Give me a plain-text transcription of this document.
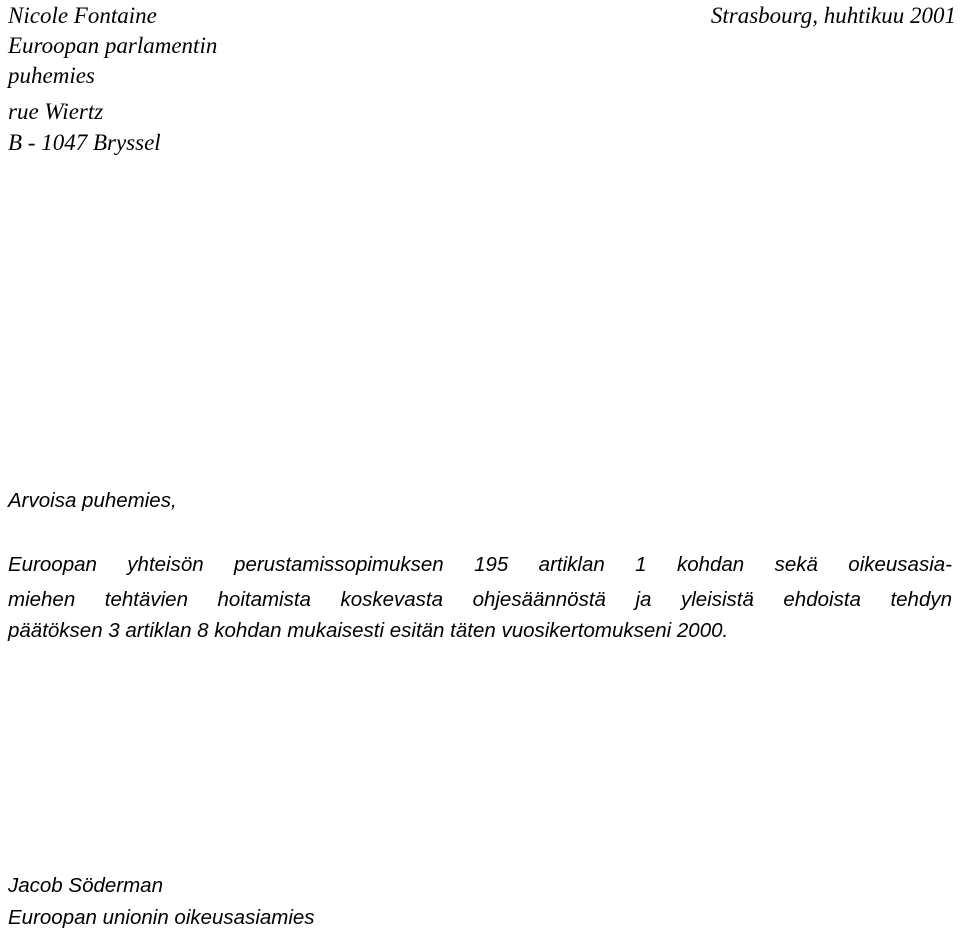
Nicole Fontaine
Euroopan parlamentin
puhemies
rue Wiertz
B - 1047 Bryssel
Strasbourg, huhtikuu 2001
Arvoisa puhemies,
Euroopan yhteisön perustamissopimuksen 195 artiklan 1 kohdan sekä oikeusasia-
miehen tehtävien hoitamista koskevasta ohjesäännöstä ja yleisistä ehdoista tehdyn
päätöksen 3 artiklan 8 kohdan mukaisesti esitän täten vuosikertomukseni 2000.
Jacob Söderman
Euroopan unionin oikeusasiamies
